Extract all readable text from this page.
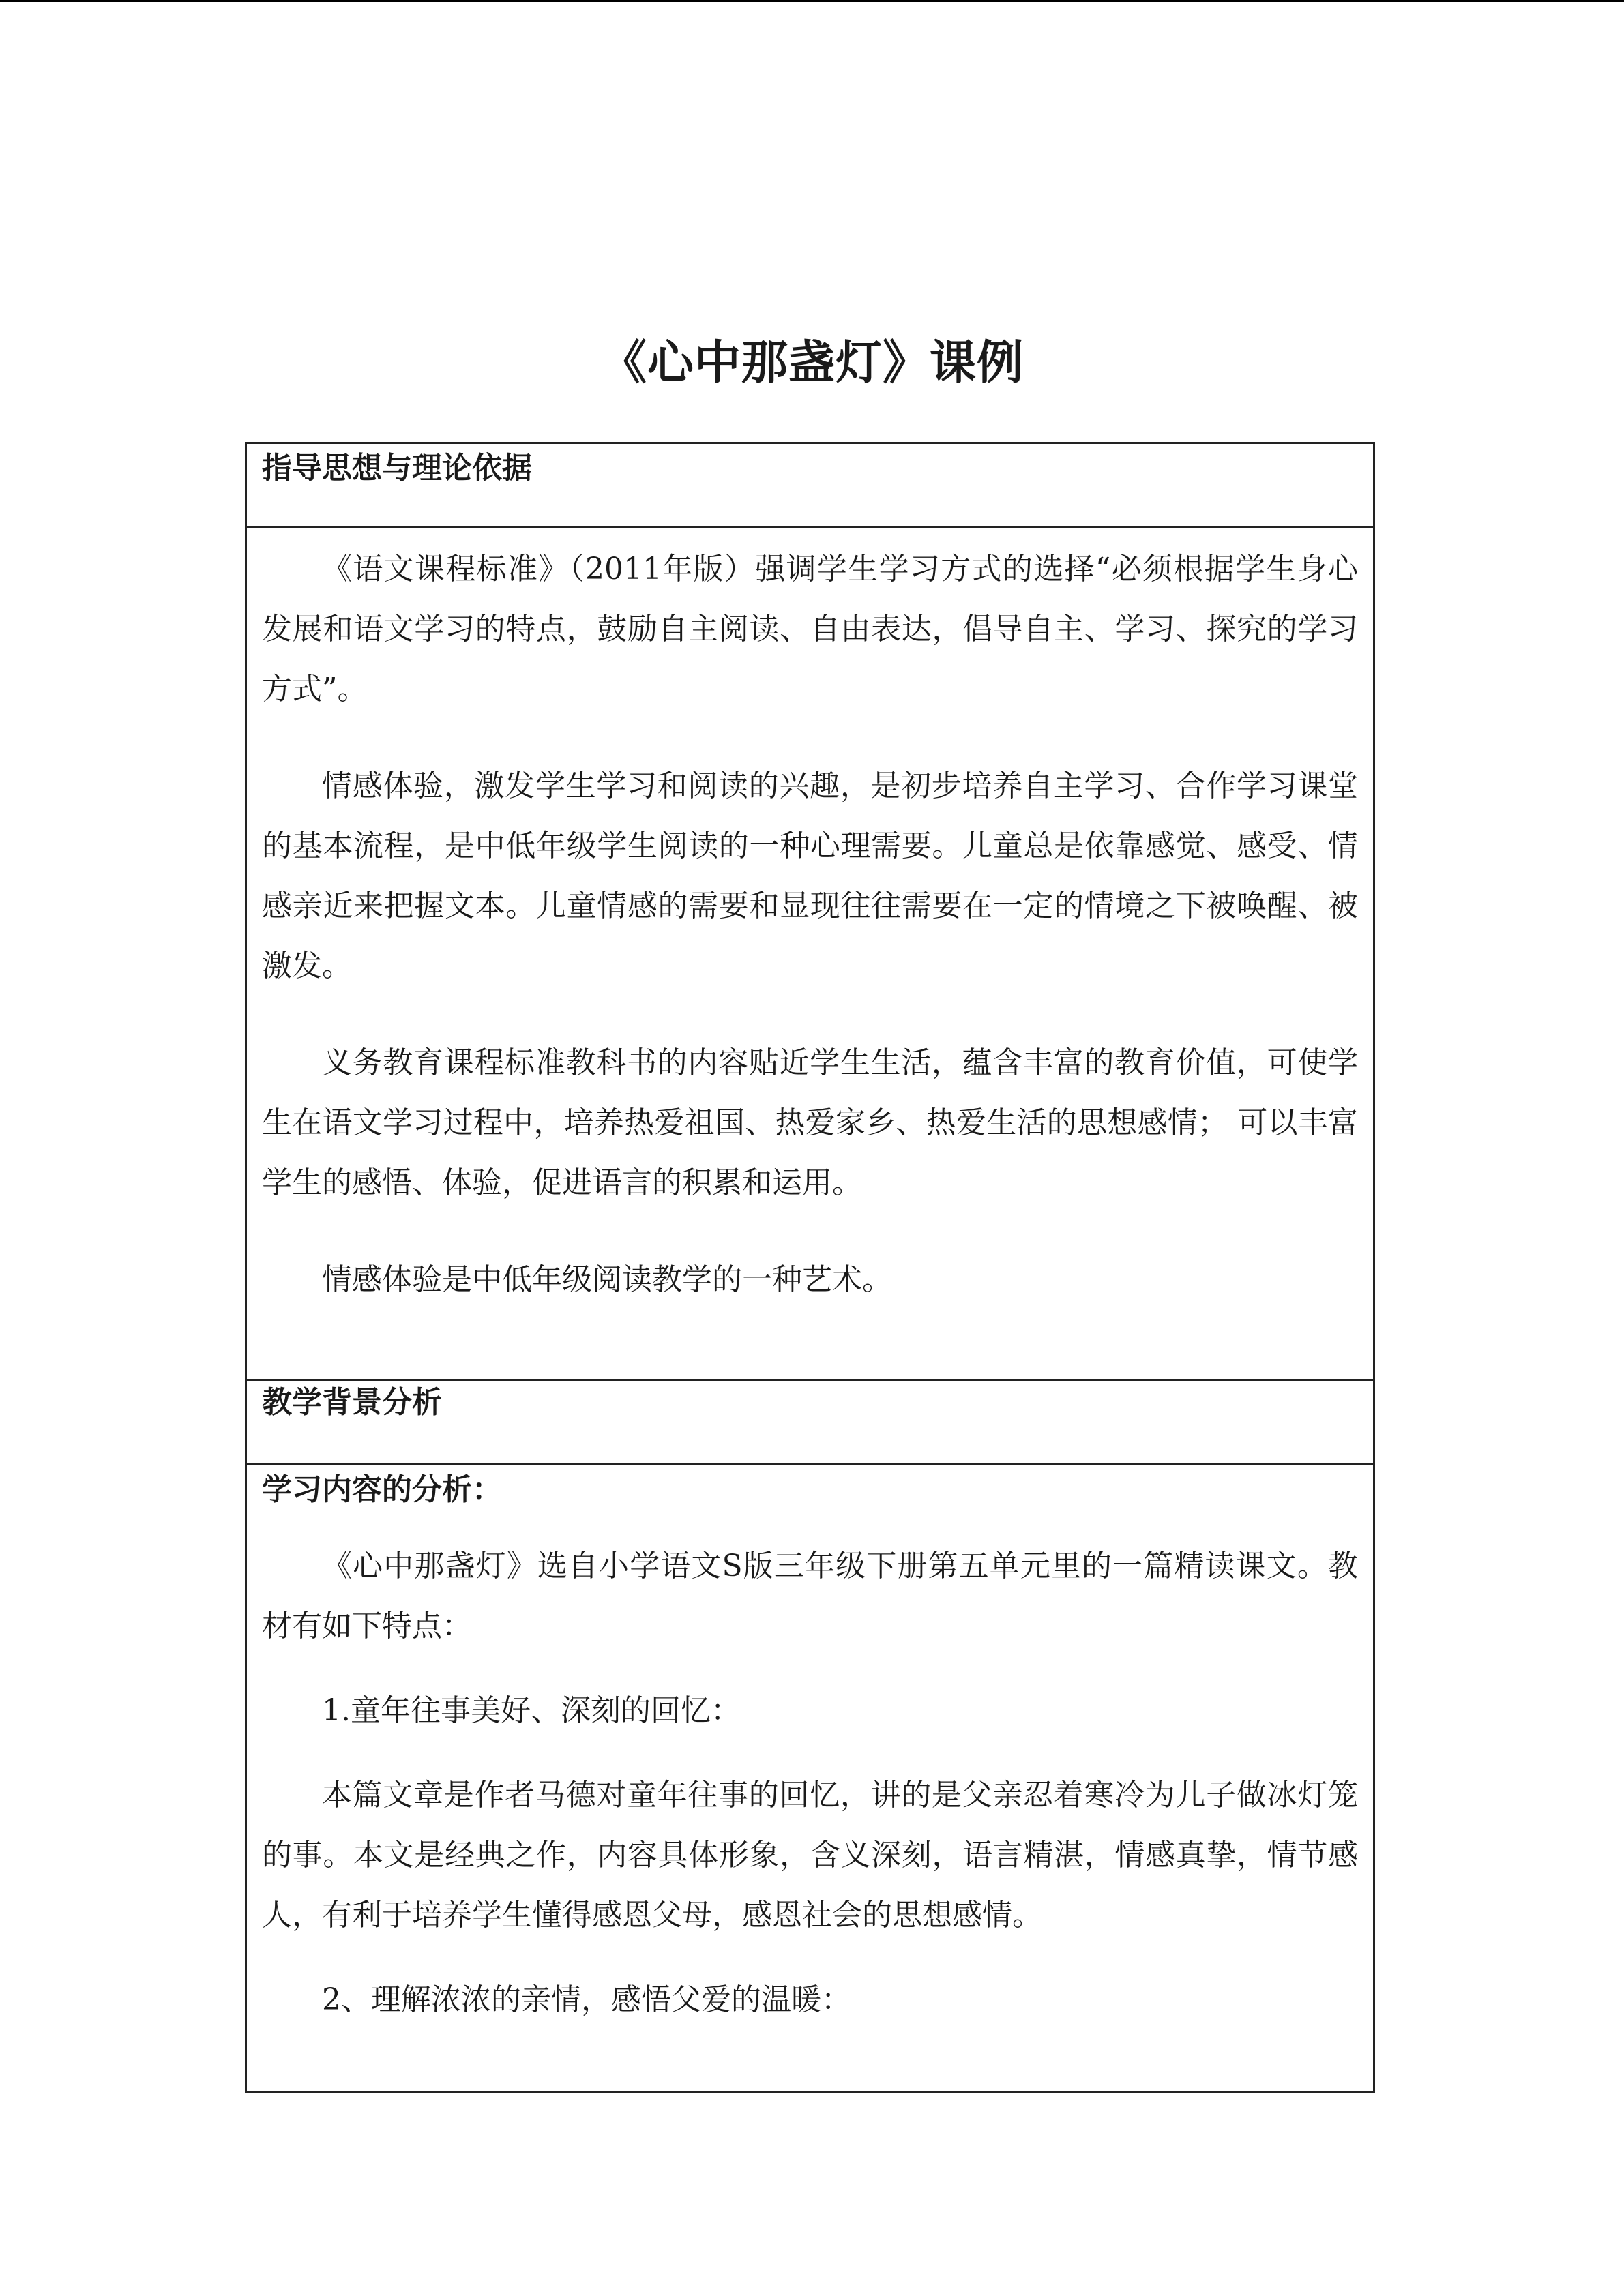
《心中那盏灯》课例
指导思想与理论依据

《语文课程标准》（2011年版）强调学生学习方式的选择“必须根据学生身心发展和语文学习的特点，鼓励自主阅读、自由表达，倡导自主、学习、探究的学习方式”。

情感体验，激发学生学习和阅读的兴趣，是初步培养自主学习、合作学习课堂的基本流程，是中低年级学生阅读的一种心理需要。儿童总是依靠感觉、感受、情感亲近来把握文本。儿童情感的需要和显现往往需要在一定的情境之下被唤醒、被激发。

义务教育课程标准教科书的内容贴近学生生活，蕴含丰富的教育价值，可使学生在语文学习过程中，培养热爱祖国、热爱家乡、热爱生活的思想感情； 可以丰富学生的感悟、体验，促进语言的积累和运用。

情感体验是中低年级阅读教学的一种艺术。

教学背景分析

学习内容的分析：

《心中那盏灯》选自小学语文S版三年级下册第五单元里的一篇精读课文。教材有如下特点：

1.童年往事美好、深刻的回忆：

本篇文章是作者马德对童年往事的回忆，讲的是父亲忍着寒冷为儿子做冰灯笼的事。本文是经典之作，内容具体形象，含义深刻，语言精湛，情感真挚，情节感人，有利于培养学生懂得感恩父母，感恩社会的思想感情。

2、理解浓浓的亲情，感悟父爱的温暖：
